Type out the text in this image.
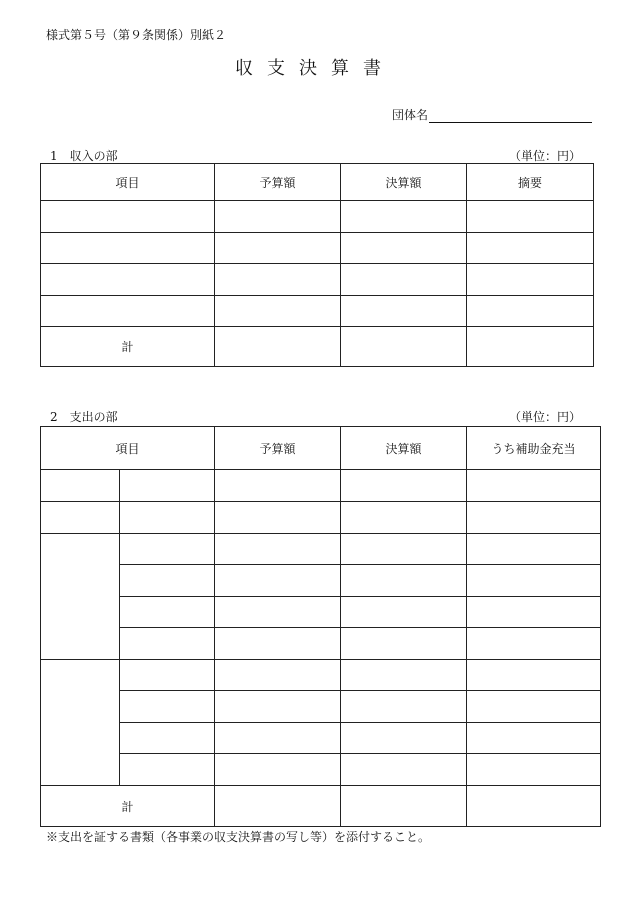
様式第５号（第９条関係）別紙２
収支決算書
団体名
1　収入の部	（単位：円）
項目	予算額	決算額	摘要

計			
2　支出の部	（単位：円）
項目		予算額	決算額	うち補助金充当

計				
※支出を証する書類（各事業の収支決算書の写し等）を添付すること。
